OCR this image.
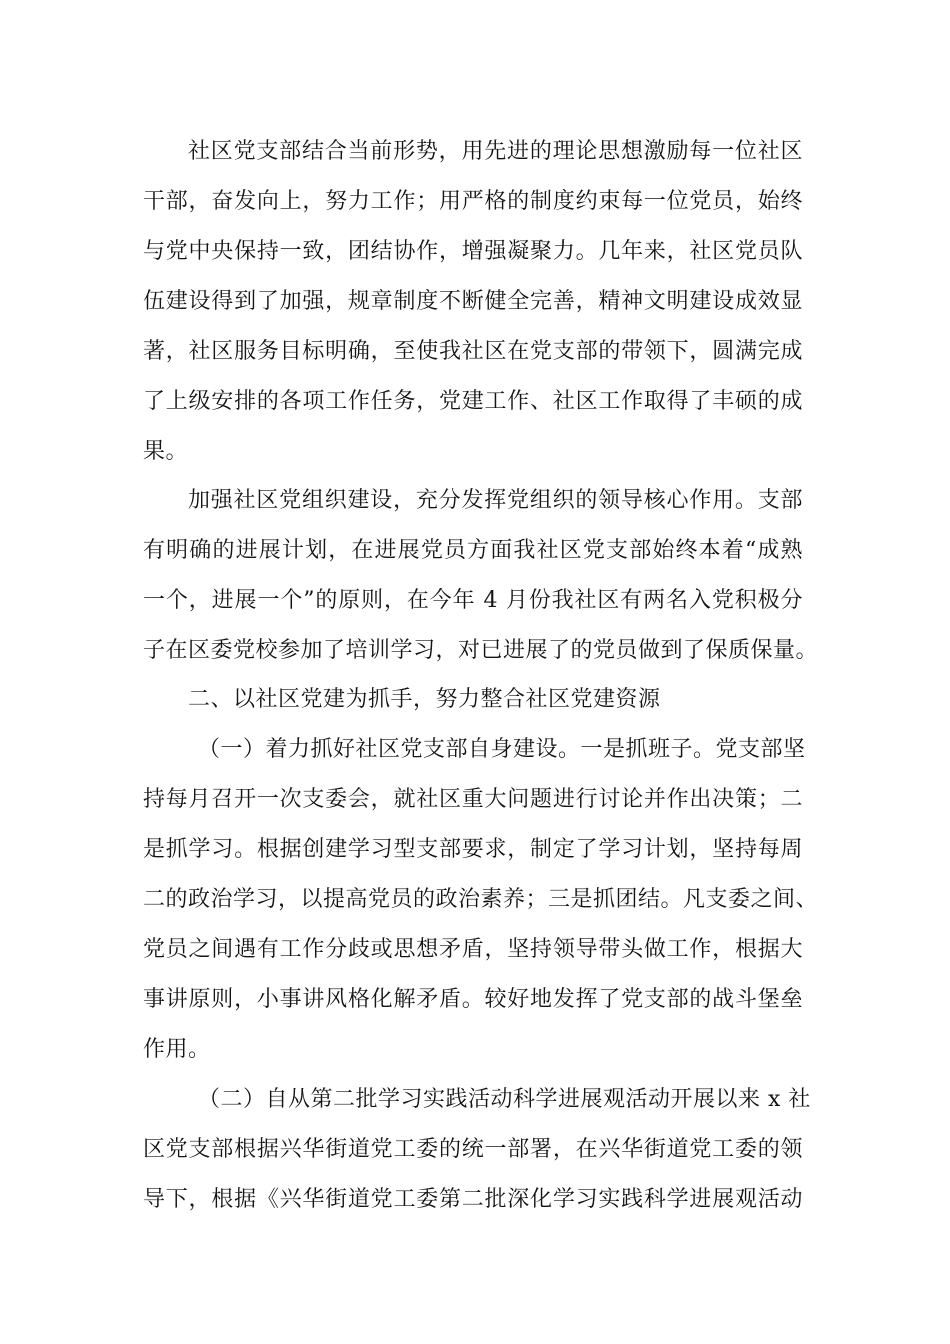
社区党支部结合当前形势，用先进的理论思想激励每一位社区
干部，奋发向上，努力工作；用严格的制度约束每一位党员，始终
与党中央保持一致，团结协作，增强凝聚力。几年来，社区党员队
伍建设得到了加强，规章制度不断健全完善，精神文明建设成效显
著，社区服务目标明确，至使我社区在党支部的带领下，圆满完成
了上级安排的各项工作任务，党建工作、社区工作取得了丰硕的成
果。
加强社区党组织建设，充分发挥党组织的领导核心作用。支部
有明确的进展计划，在进展党员方面我社区党支部始终本着“成熟
一个，进展一个”的原则，在今年 4 月份我社区有两名入党积极分
子在区委党校参加了培训学习，对已进展了的党员做到了保质保量。
二、以社区党建为抓手，努力整合社区党建资源
（一）着力抓好社区党支部自身建设。一是抓班子。党支部坚
持每月召开一次支委会，就社区重大问题进行讨论并作出决策；二
是抓学习。根据创建学习型支部要求，制定了学习计划，坚持每周
二的政治学习，以提高党员的政治素养；三是抓团结。凡支委之间、
党员之间遇有工作分歧或思想矛盾，坚持领导带头做工作，根据大
事讲原则，小事讲风格化解矛盾。较好地发挥了党支部的战斗堡垒
作用。
（二）自从第二批学习实践活动科学进展观活动开展以来 x 社
区党支部根据兴华街道党工委的统一部署，在兴华街道党工委的领
导下，根据《兴华街道党工委第二批深化学习实践科学进展观活动
